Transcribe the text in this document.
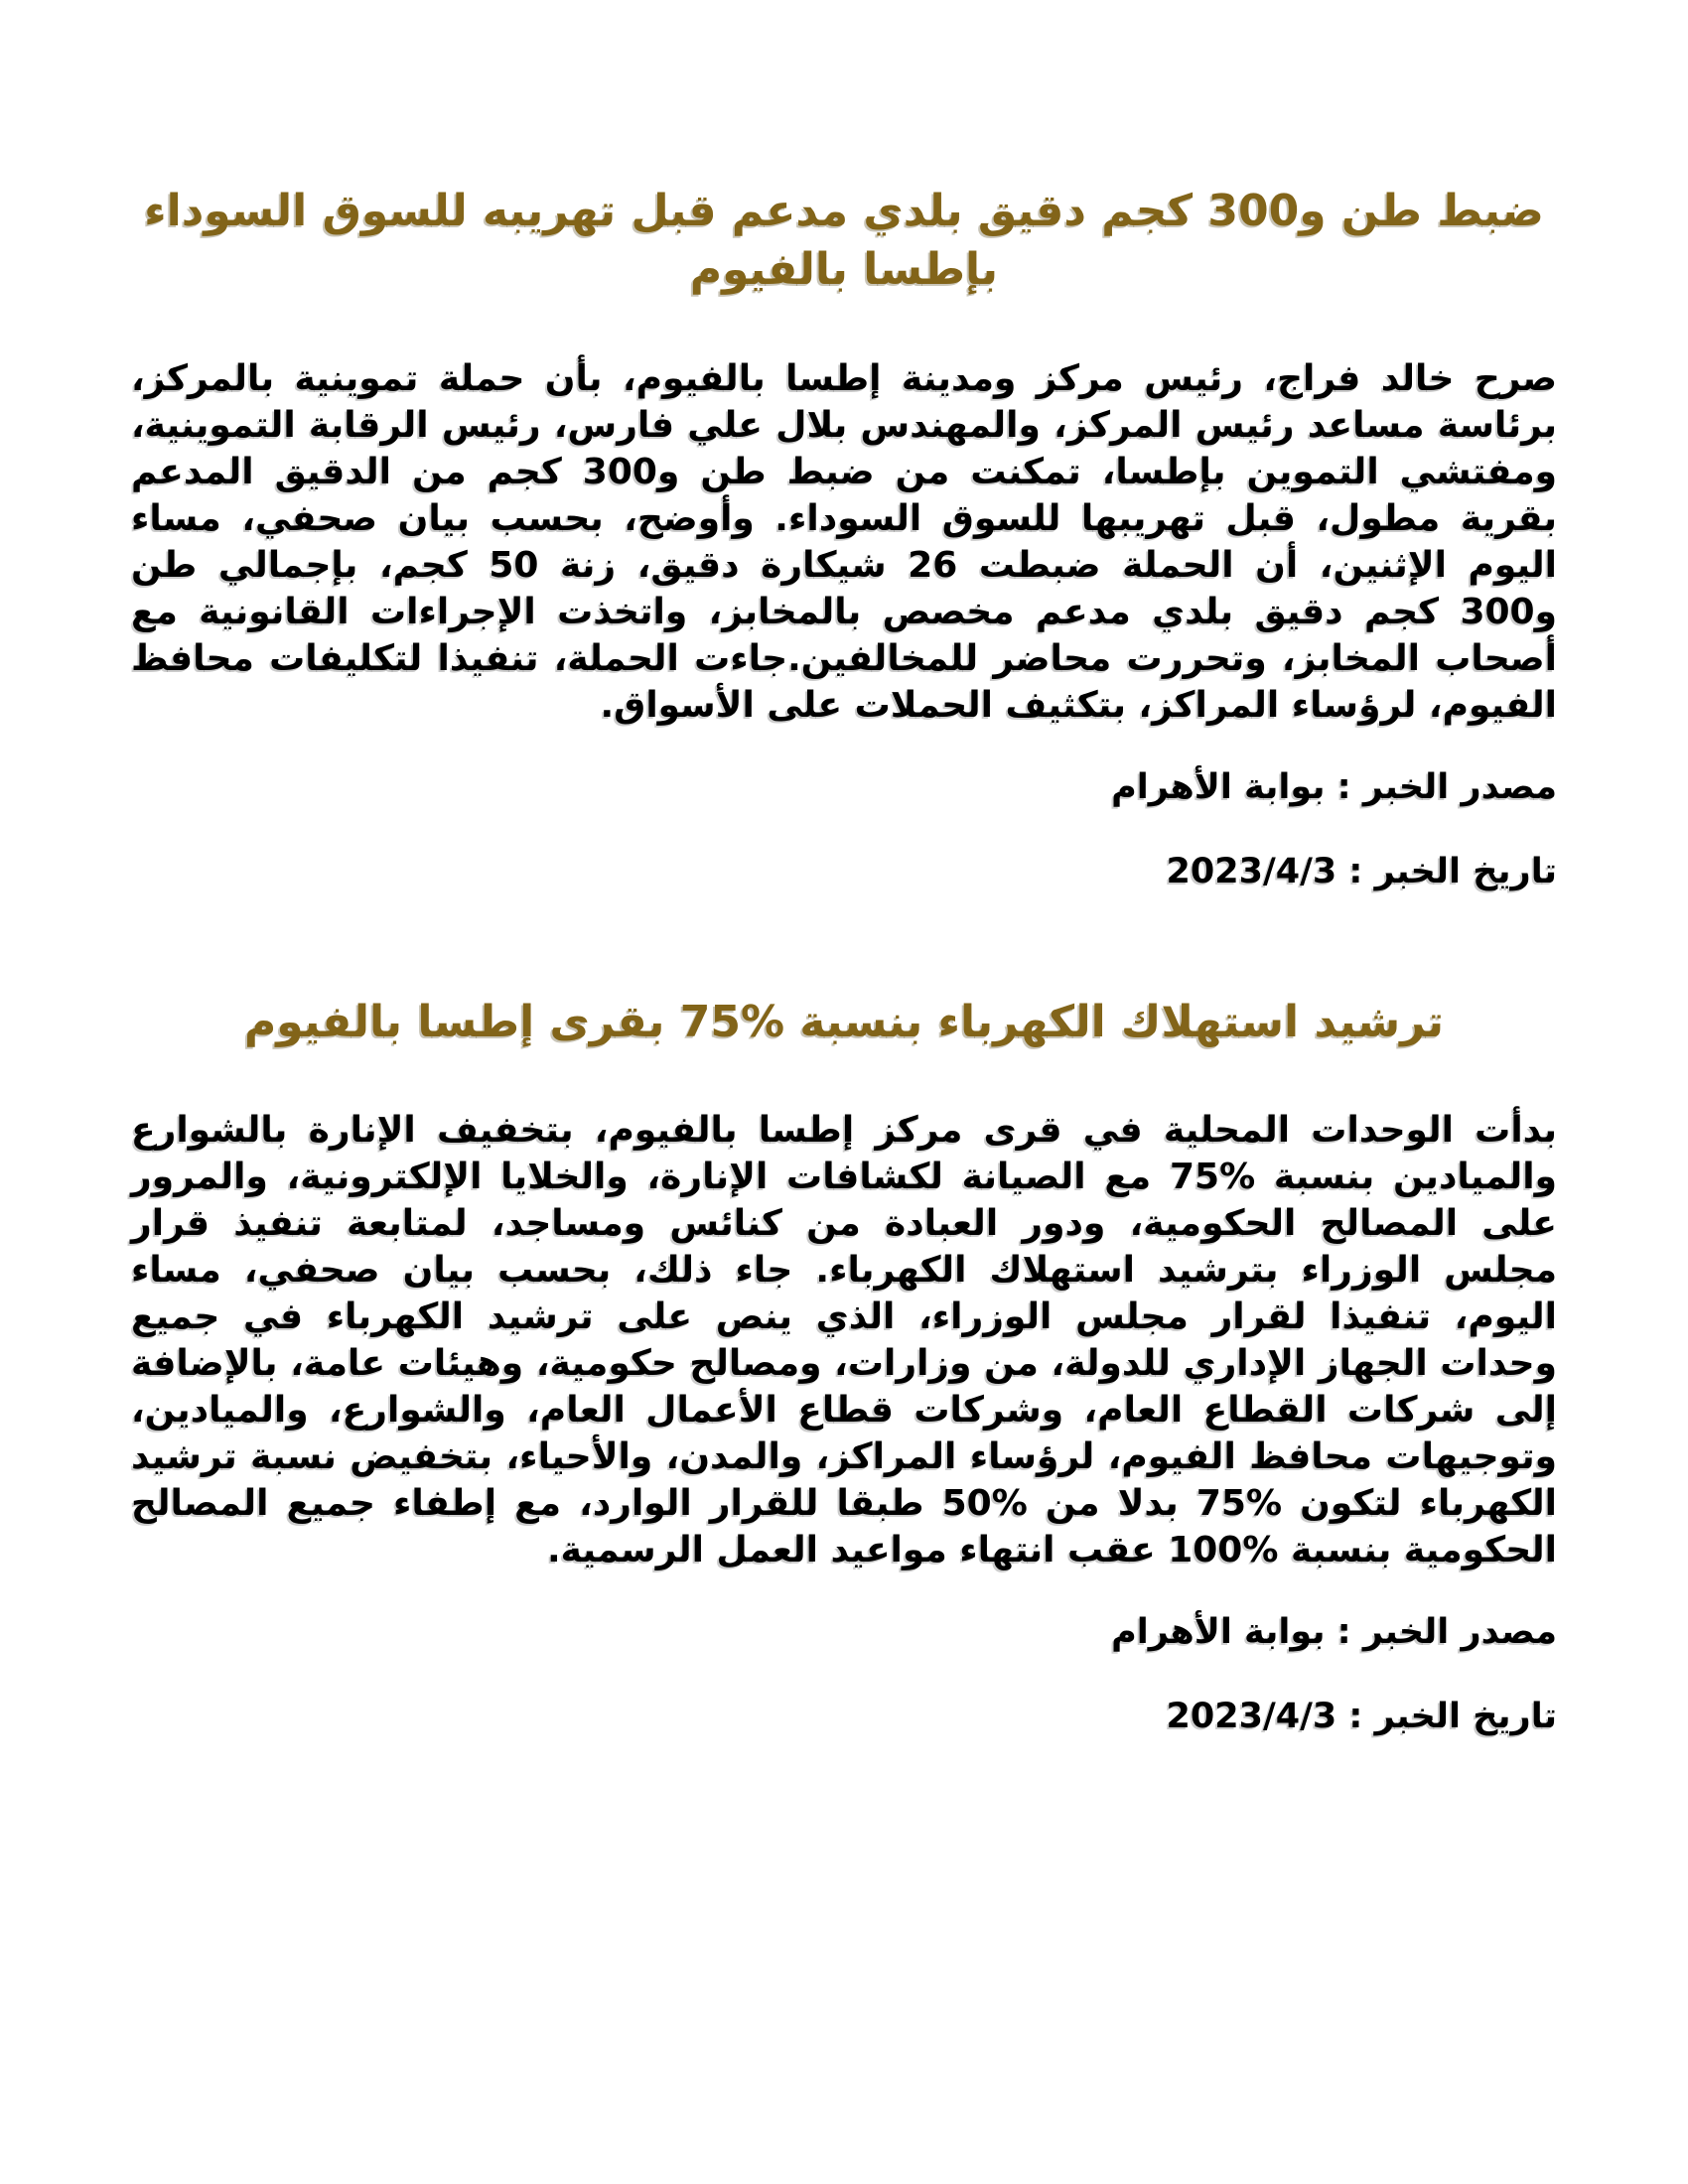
ضبط طن و300 كجم دقيق بلدي مدعم قبل تهريبه للسوق السوداء بإطسا بالفيوم

صرح خالد فراج، رئيس مركز ومدينة إطسا بالفيوم، بأن حملة تموينية بالمركز، برئاسة مساعد رئيس المركز، والمهندس بلال علي فارس، رئيس الرقابة التموينية، ومفتشي التموين بإطسا، تمكنت من ضبط طن و300 كجم من الدقيق المدعم بقرية مطول، قبل تهريبها للسوق السوداء. وأوضح، بحسب بيان صحفي، مساء اليوم الإثنين، أن الحملة ضبطت 26 شيكارة دقيق، زنة 50 كجم، بإجمالي طن و300 كجم دقيق بلدي مدعم مخصص بالمخابز، واتخذت الإجراءات القانونية مع أصحاب المخابز، وتحررت محاضر للمخالفين.جاءت الحملة، تنفيذا لتكليفات محافظ الفيوم، لرؤساء المراكز، بتكثيف الحملات على الأسواق.

مصدر الخبر : بوابة الأهرام

تاريخ الخبر : 2023/4/3

ترشيد استهلاك الكهرباء بنسبة %75 بقرى إطسا بالفيوم

بدأت الوحدات المحلية في قرى مركز إطسا بالفيوم، بتخفيف الإنارة بالشوارع والميادين بنسبة %75 مع الصيانة لكشافات الإنارة، والخلايا الإلكترونية، والمرور على المصالح الحكومية، ودور العبادة من كنائس ومساجد، لمتابعة تنفيذ قرار مجلس الوزراء بترشيد استهلاك الكهرباء. جاء ذلك، بحسب بيان صحفي، مساء اليوم، تنفيذا لقرار مجلس الوزراء، الذي ينص على ترشيد الكهرباء في جميع وحدات الجهاز الإداري للدولة، من وزارات، ومصالح حكومية، وهيئات عامة، بالإضافة إلى شركات القطاع العام، وشركات قطاع الأعمال العام، والشوارع، والميادين، وتوجيهات محافظ الفيوم، لرؤساء المراكز، والمدن، والأحياء، بتخفيض نسبة ترشيد الكهرباء لتكون %75 بدلا من %50 طبقا للقرار الوارد، مع إطفاء جميع المصالح الحكومية بنسبة %100 عقب انتهاء مواعيد العمل الرسمية.

مصدر الخبر : بوابة الأهرام

تاريخ الخبر : 2023/4/3
